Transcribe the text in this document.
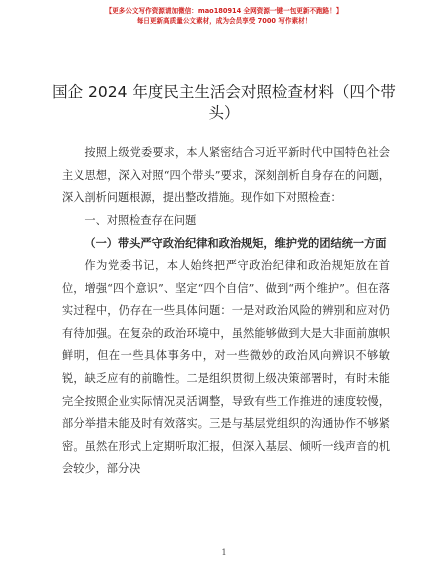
【更多公文写作资源请加微信：mao180914 全网资源一键一包更新不跑路！】
每日更新高质量公文素材，成为会员享受 7000 写作素材！
国企 2024 年度民主生活会对照检查材料（四个带头）

按照上级党委要求，本人紧密结合习近平新时代中国特色社会主义思想，深入对照“四个带头”要求，深刻剖析自身存在的问题，深入剖析问题根源，提出整改措施。现作如下对照检查：

一、对照检查存在问题

（一）带头严守政治纪律和政治规矩，维护党的团结统一方面

作为党委书记，本人始终把严守政治纪律和政治规矩放在首位，增强“四个意识”、坚定“四个自信”、做到“两个维护”。但在落实过程中，仍存在一些具体问题：一是对政治风险的辨别和应对仍有待加强。在复杂的政治环境中，虽然能够做到大是大非面前旗帜鲜明，但在一些具体事务中，对一些微妙的政治风向辨识不够敏锐，缺乏应有的前瞻性。二是组织贯彻上级决策部署时，有时未能完全按照企业实际情况灵活调整，导致有些工作推进的速度较慢，部分举措未能及时有效落实。三是与基层党组织的沟通协作不够紧密。虽然在形式上定期听取汇报，但深入基层、倾听一线声音的机会较少，部分决

1
